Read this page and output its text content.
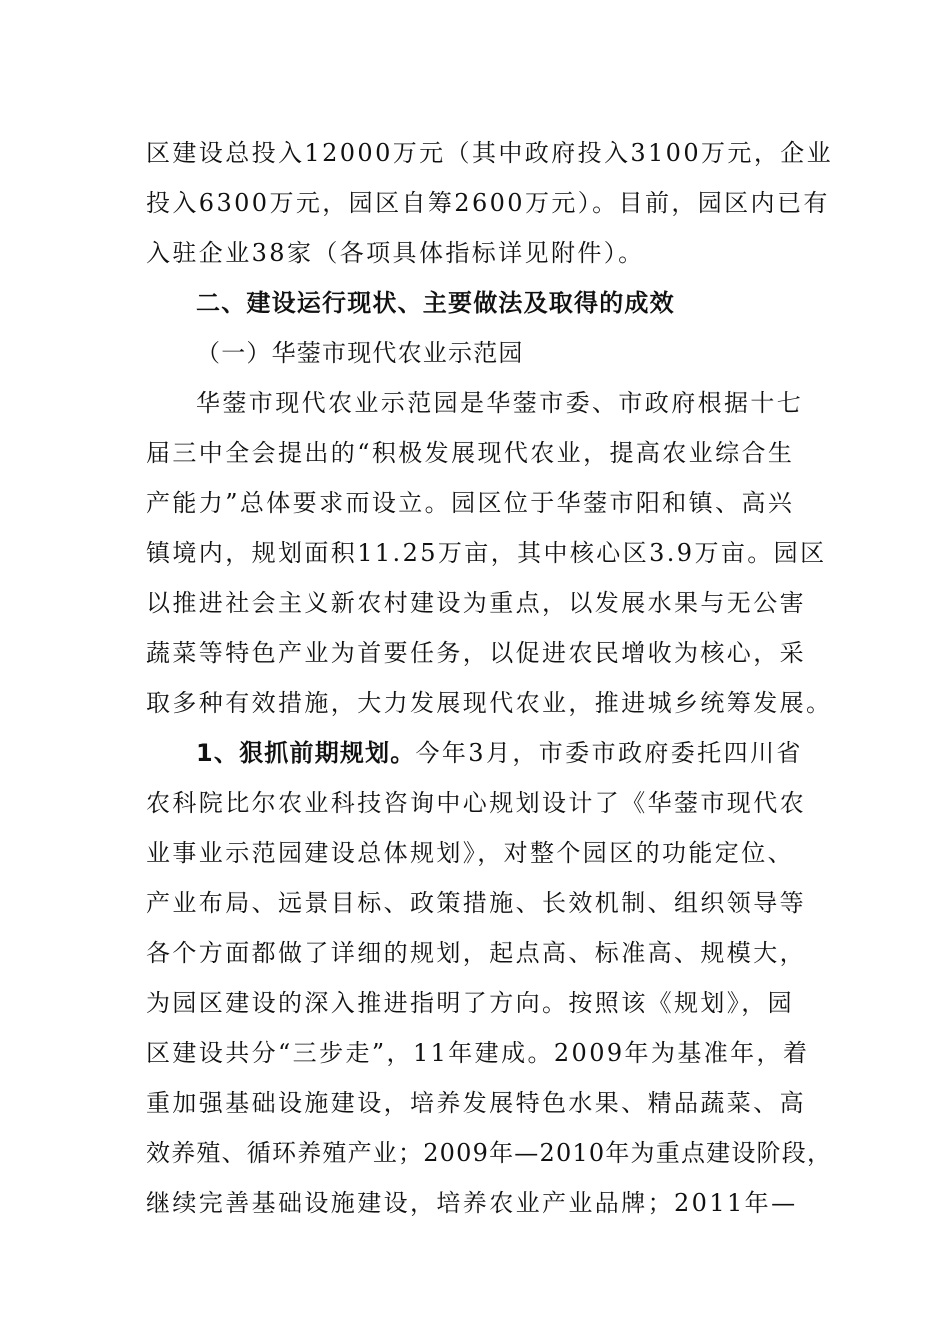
区建设总投入12000万元（其中政府投入3100万元，企业
投入6300万元，园区自筹2600万元）。目前，园区内已有
入驻企业38家（各项具体指标详见附件）。
二、建设运行现状、主要做法及取得的成效
（一）华蓥市现代农业示范园
华蓥市现代农业示范园是华蓥市委、市政府根据十七
届三中全会提出的“积极发展现代农业，提高农业综合生
产能力”总体要求而设立。园区位于华蓥市阳和镇、高兴
镇境内，规划面积11.25万亩，其中核心区3.9万亩。园区
以推进社会主义新农村建设为重点，以发展水果与无公害
蔬菜等特色产业为首要任务，以促进农民增收为核心，采
取多种有效措施，大力发展现代农业，推进城乡统筹发展。
1、狠抓前期规划。今年3月，市委市政府委托四川省
农科院比尔农业科技咨询中心规划设计了《华蓥市现代农
业事业示范园建设总体规划》，对整个园区的功能定位、
产业布局、远景目标、政策措施、长效机制、组织领导等
各个方面都做了详细的规划，起点高、标准高、规模大，
为园区建设的深入推进指明了方向。按照该《规划》，园
区建设共分“三步走”，11年建成。2009年为基准年，着
重加强基础设施建设，培养发展特色水果、精品蔬菜、高
效养殖、循环养殖产业；2009年—2010年为重点建设阶段，
继续完善基础设施建设，培养农业产业品牌；2011年—
